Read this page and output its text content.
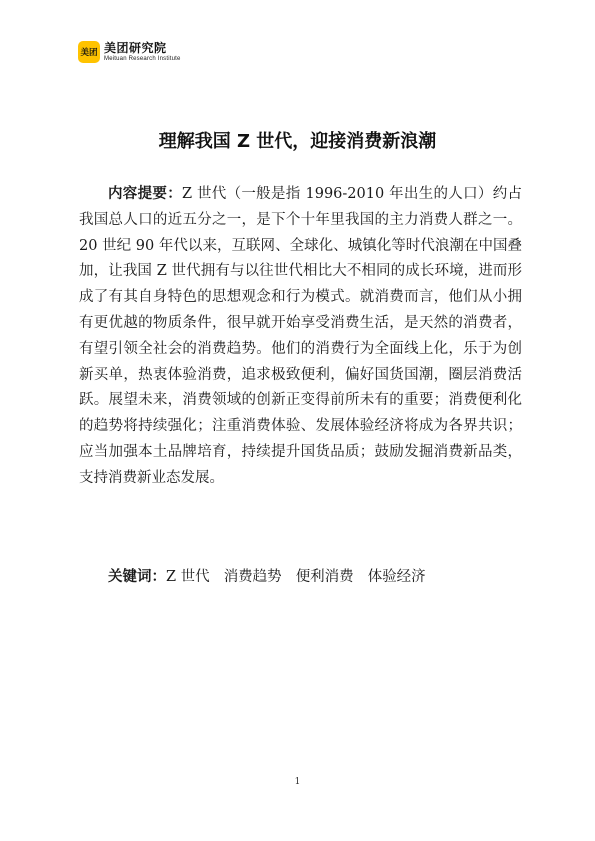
美团 美团研究院
Meituan Research Institute
理解我国 Z 世代，迎接消费新浪潮

内容提要：Z 世代（一般是指 1996-2010 年出生的人口）约占我国总人口的近五分之一，是下个十年里我国的主力消费人群之一。20 世纪 90 年代以来，互联网、全球化、城镇化等时代浪潮在中国叠加，让我国 Z 世代拥有与以往世代相比大不相同的成长环境，进而形成了有其自身特色的思想观念和行为模式。就消费而言，他们从小拥有更优越的物质条件，很早就开始享受消费生活，是天然的消费者，有望引领全社会的消费趋势。他们的消费行为全面线上化，乐于为创新买单，热衷体验消费，追求极致便利，偏好国货国潮，圈层消费活跃。展望未来，消费领域的创新正变得前所未有的重要；消费便利化的趋势将持续强化；注重消费体验、发展体验经济将成为各界共识；应当加强本土品牌培育，持续提升国货品质；鼓励发掘消费新品类，支持消费新业态发展。

关键词：Z 世代 消费趋势 便利消费 体验经济

1
